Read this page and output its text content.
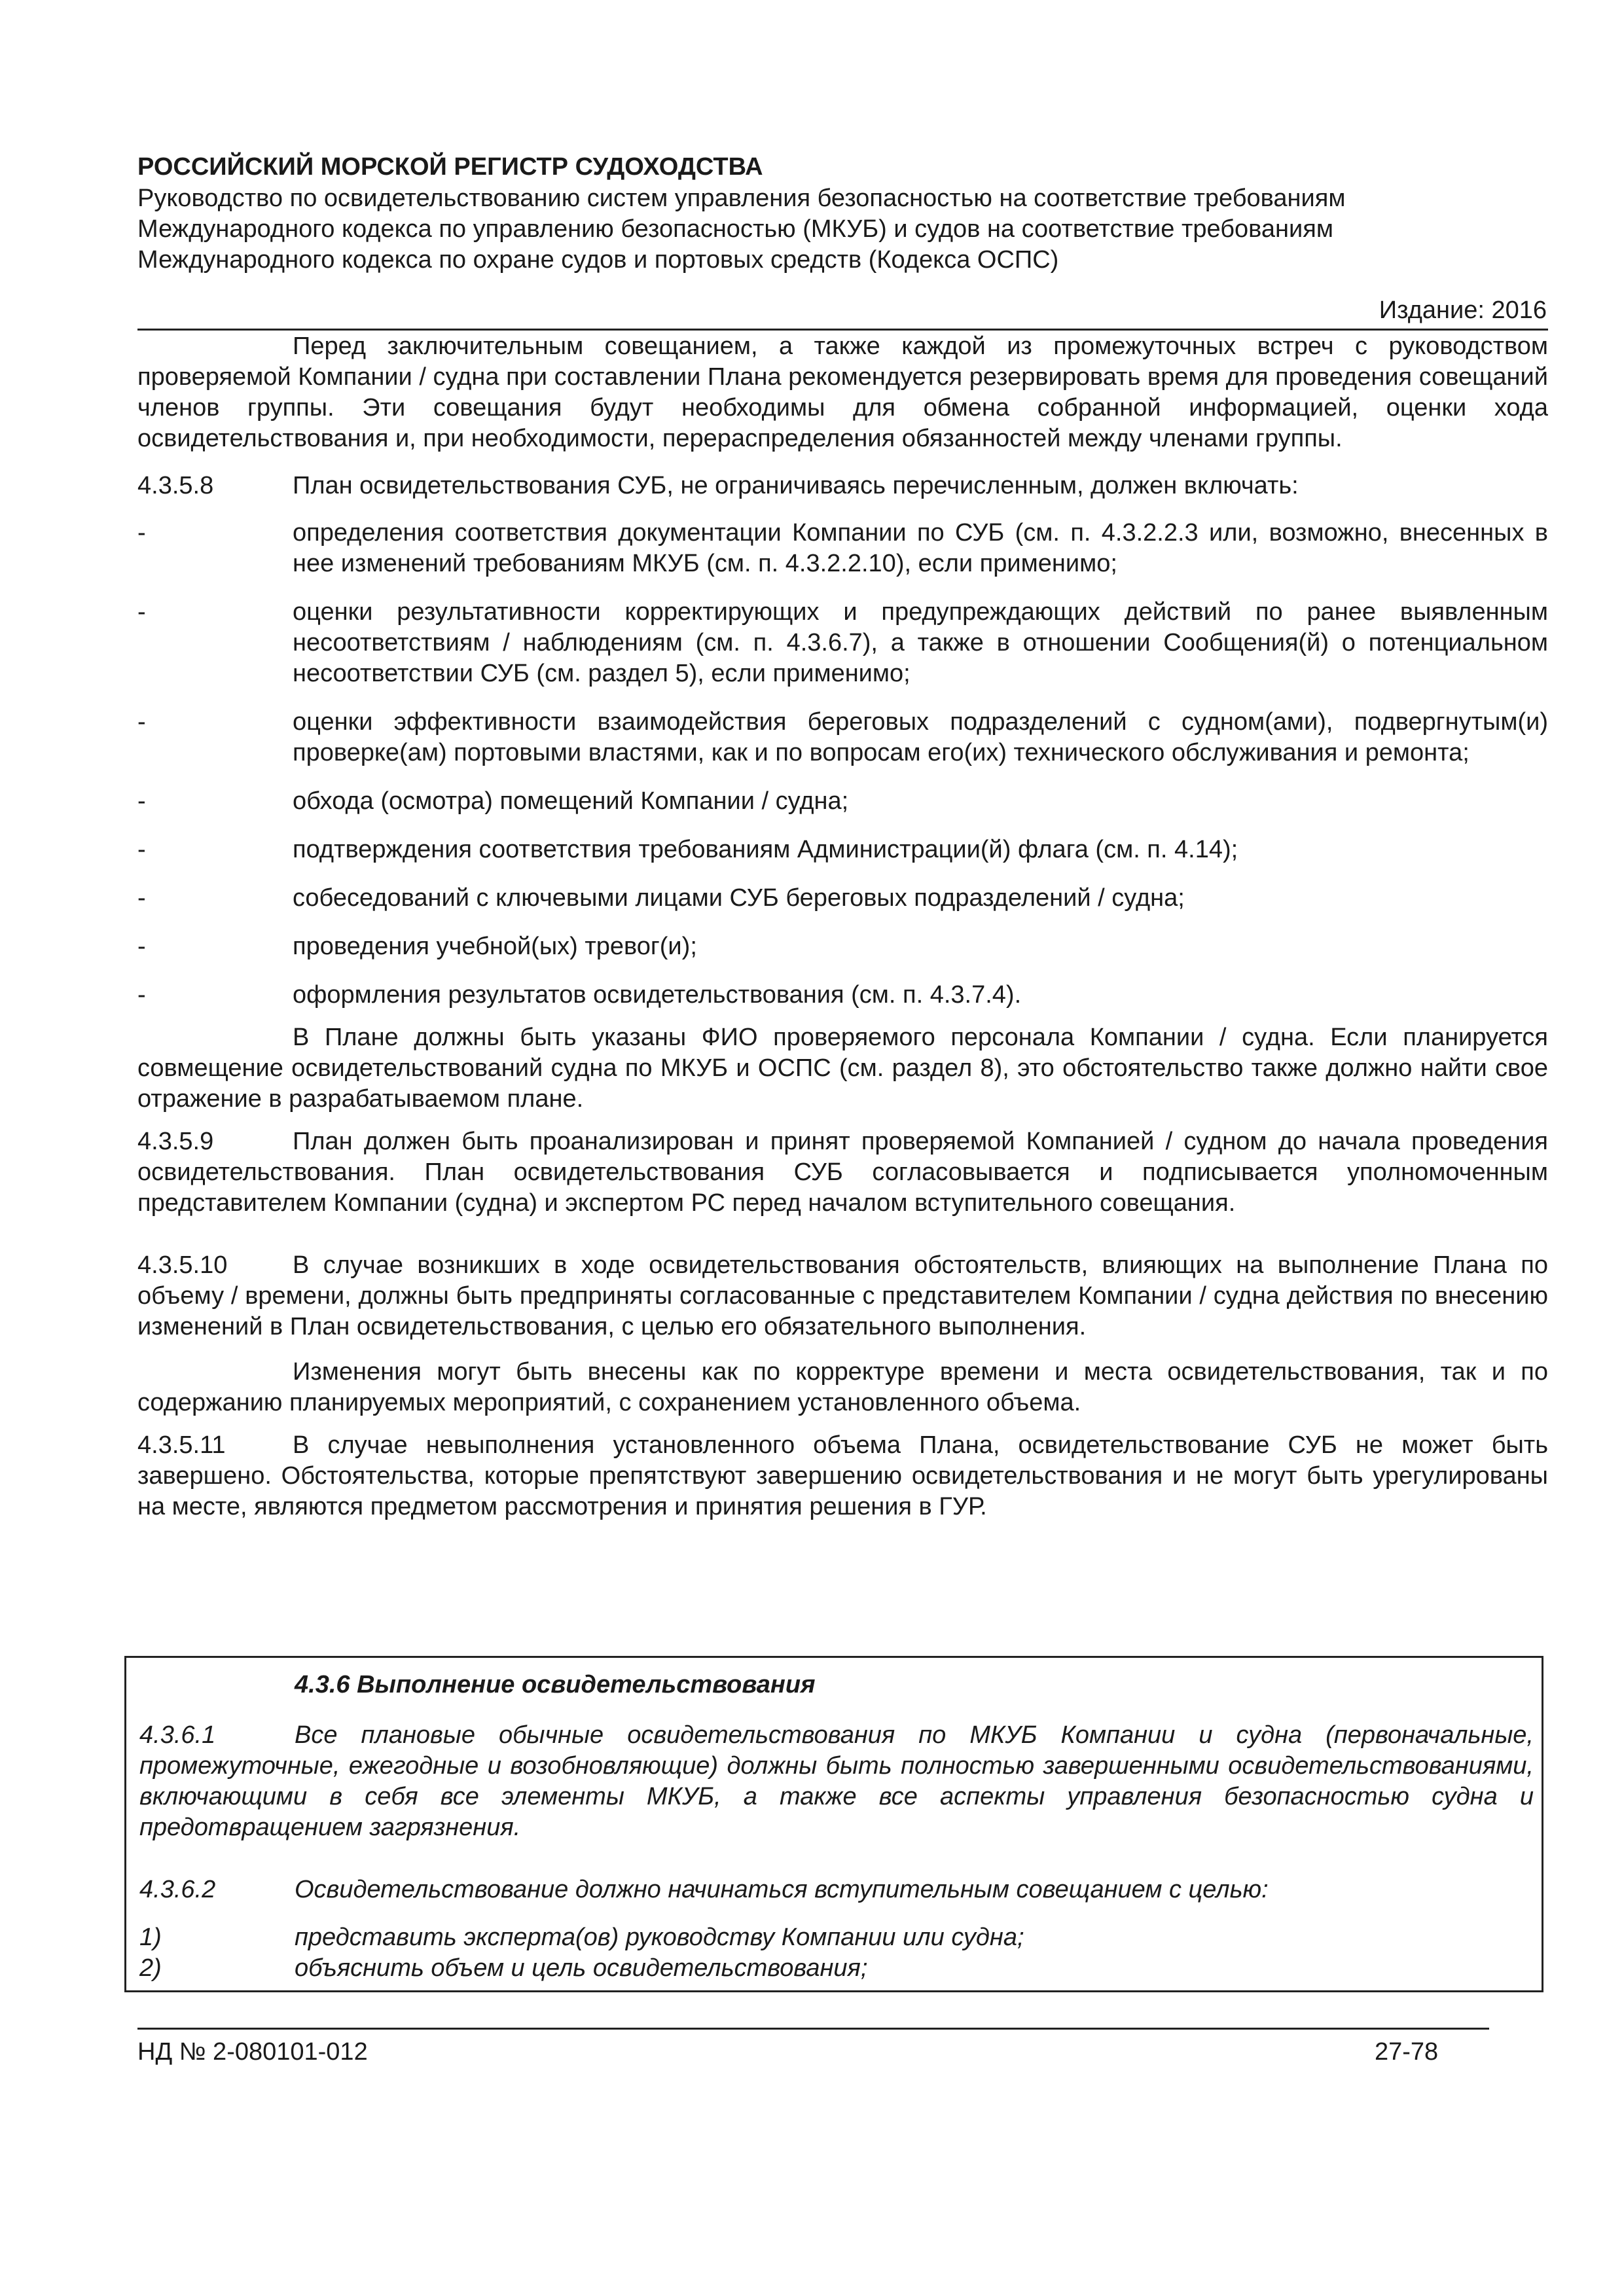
РОССИЙСКИЙ МОРСКОЙ РЕГИСТР СУДОХОДСТВА
Руководство по освидетельствованию систем управления безопасностью на соответствие требованиям
Международного кодекса по управлению безопасностью (МКУБ) и судов на соответствие требованиям
Международного кодекса по охране судов и портовых средств (Кодекса ОСПС)
Издание: 2016

Перед заключительным совещанием, а также каждой из промежуточных встреч с руководством проверяемой Компании / судна при составлении Плана рекомендуется резервировать время для проведения совещаний членов группы. Эти совещания будут необходимы для обмена собранной информацией, оценки хода освидетельствования и, при необходимости, перераспределения обязанностей между членами группы.

4.3.5.8	План освидетельствования СУБ, не ограничиваясь перечисленным, должен включать:
-	определения соответствия документации Компании по СУБ (см. п. 4.3.2.2.3 или, возможно, внесенных в нее изменений требованиям МКУБ (см. п. 4.3.2.2.10), если применимо;
-	оценки результативности корректирующих и предупреждающих действий по ранее выявленным несоответствиям / наблюдениям (см. п. 4.3.6.7), а также в отношении Сообщения(й) о потенциальном несоответствии СУБ (см. раздел 5), если применимо;
-	оценки эффективности взаимодействия береговых подразделений с судном(ами), подвергнутым(и) проверке(ам) портовыми властями, как и по вопросам его(их) технического обслуживания и ремонта;
-	обхода (осмотра) помещений Компании / судна;
-	подтверждения соответствия требованиям Администрации(й) флага (см. п. 4.14);
-	собеседований с ключевыми лицами СУБ береговых подразделений / судна;
-	проведения учебной(ых) тревог(и);
-	оформления результатов освидетельствования (см. п. 4.3.7.4).

В Плане должны быть указаны ФИО проверяемого персонала Компании / судна. Если планируется совмещение освидетельствований судна по МКУБ и ОСПС (см. раздел 8), это обстоятельство также должно найти свое отражение в разрабатываемом плане.

4.3.5.9	План должен быть проанализирован и принят проверяемой Компанией / судном до начала проведения освидетельствования. План освидетельствования СУБ согласовывается и подписывается уполномоченным представителем Компании (судна) и экспертом РС перед началом вступительного совещания.
4.3.5.10	В случае возникших в ходе освидетельствования обстоятельств, влияющих на выполнение Плана по объему / времени, должны быть предприняты согласованные с представителем Компании / судна действия по внесению изменений в План освидетельствования, с целью его обязательного выполнения.

Изменения могут быть внесены как по корректуре времени и места освидетельствования, так и по содержанию планируемых мероприятий, с сохранением установленного объема.

4.3.5.11	В случае невыполнения установленного объема Плана, освидетельствование СУБ не может быть завершено. Обстоятельства, которые препятствуют завершению освидетельствования и не могут быть урегулированы на месте, являются предметом рассмотрения и принятия решения в ГУР.
4.3.6 Выполнение освидетельствования
4.3.6.1	Все плановые обычные освидетельствования по МКУБ Компании и судна (первоначальные, промежуточные, ежегодные и возобновляющие) должны быть полностью завершенными освидетельствованиями, включающими в себя все элементы МКУБ, а также все аспекты управления безопасностью судна и предотвращением загрязнения.
4.3.6.2	Освидетельствование должно начинаться вступительным совещанием с целью:
1)	представить эксперта(ов) руководству Компании или судна;
2)	объяснить объем и цель освидетельствования;
НД № 2-080101-012	27-78
